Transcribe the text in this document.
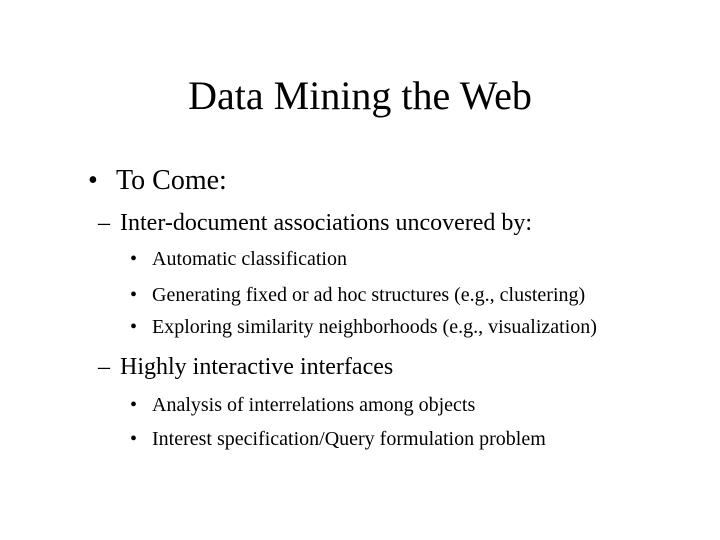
Data Mining the Web
• To Come:
– Inter-document associations uncovered by:
• Automatic classification
• Generating fixed or ad hoc structures (e.g., clustering)
• Exploring similarity neighborhoods (e.g., visualization)
– Highly interactive interfaces
• Analysis of interrelations among objects
• Interest specification/Query formulation problem
